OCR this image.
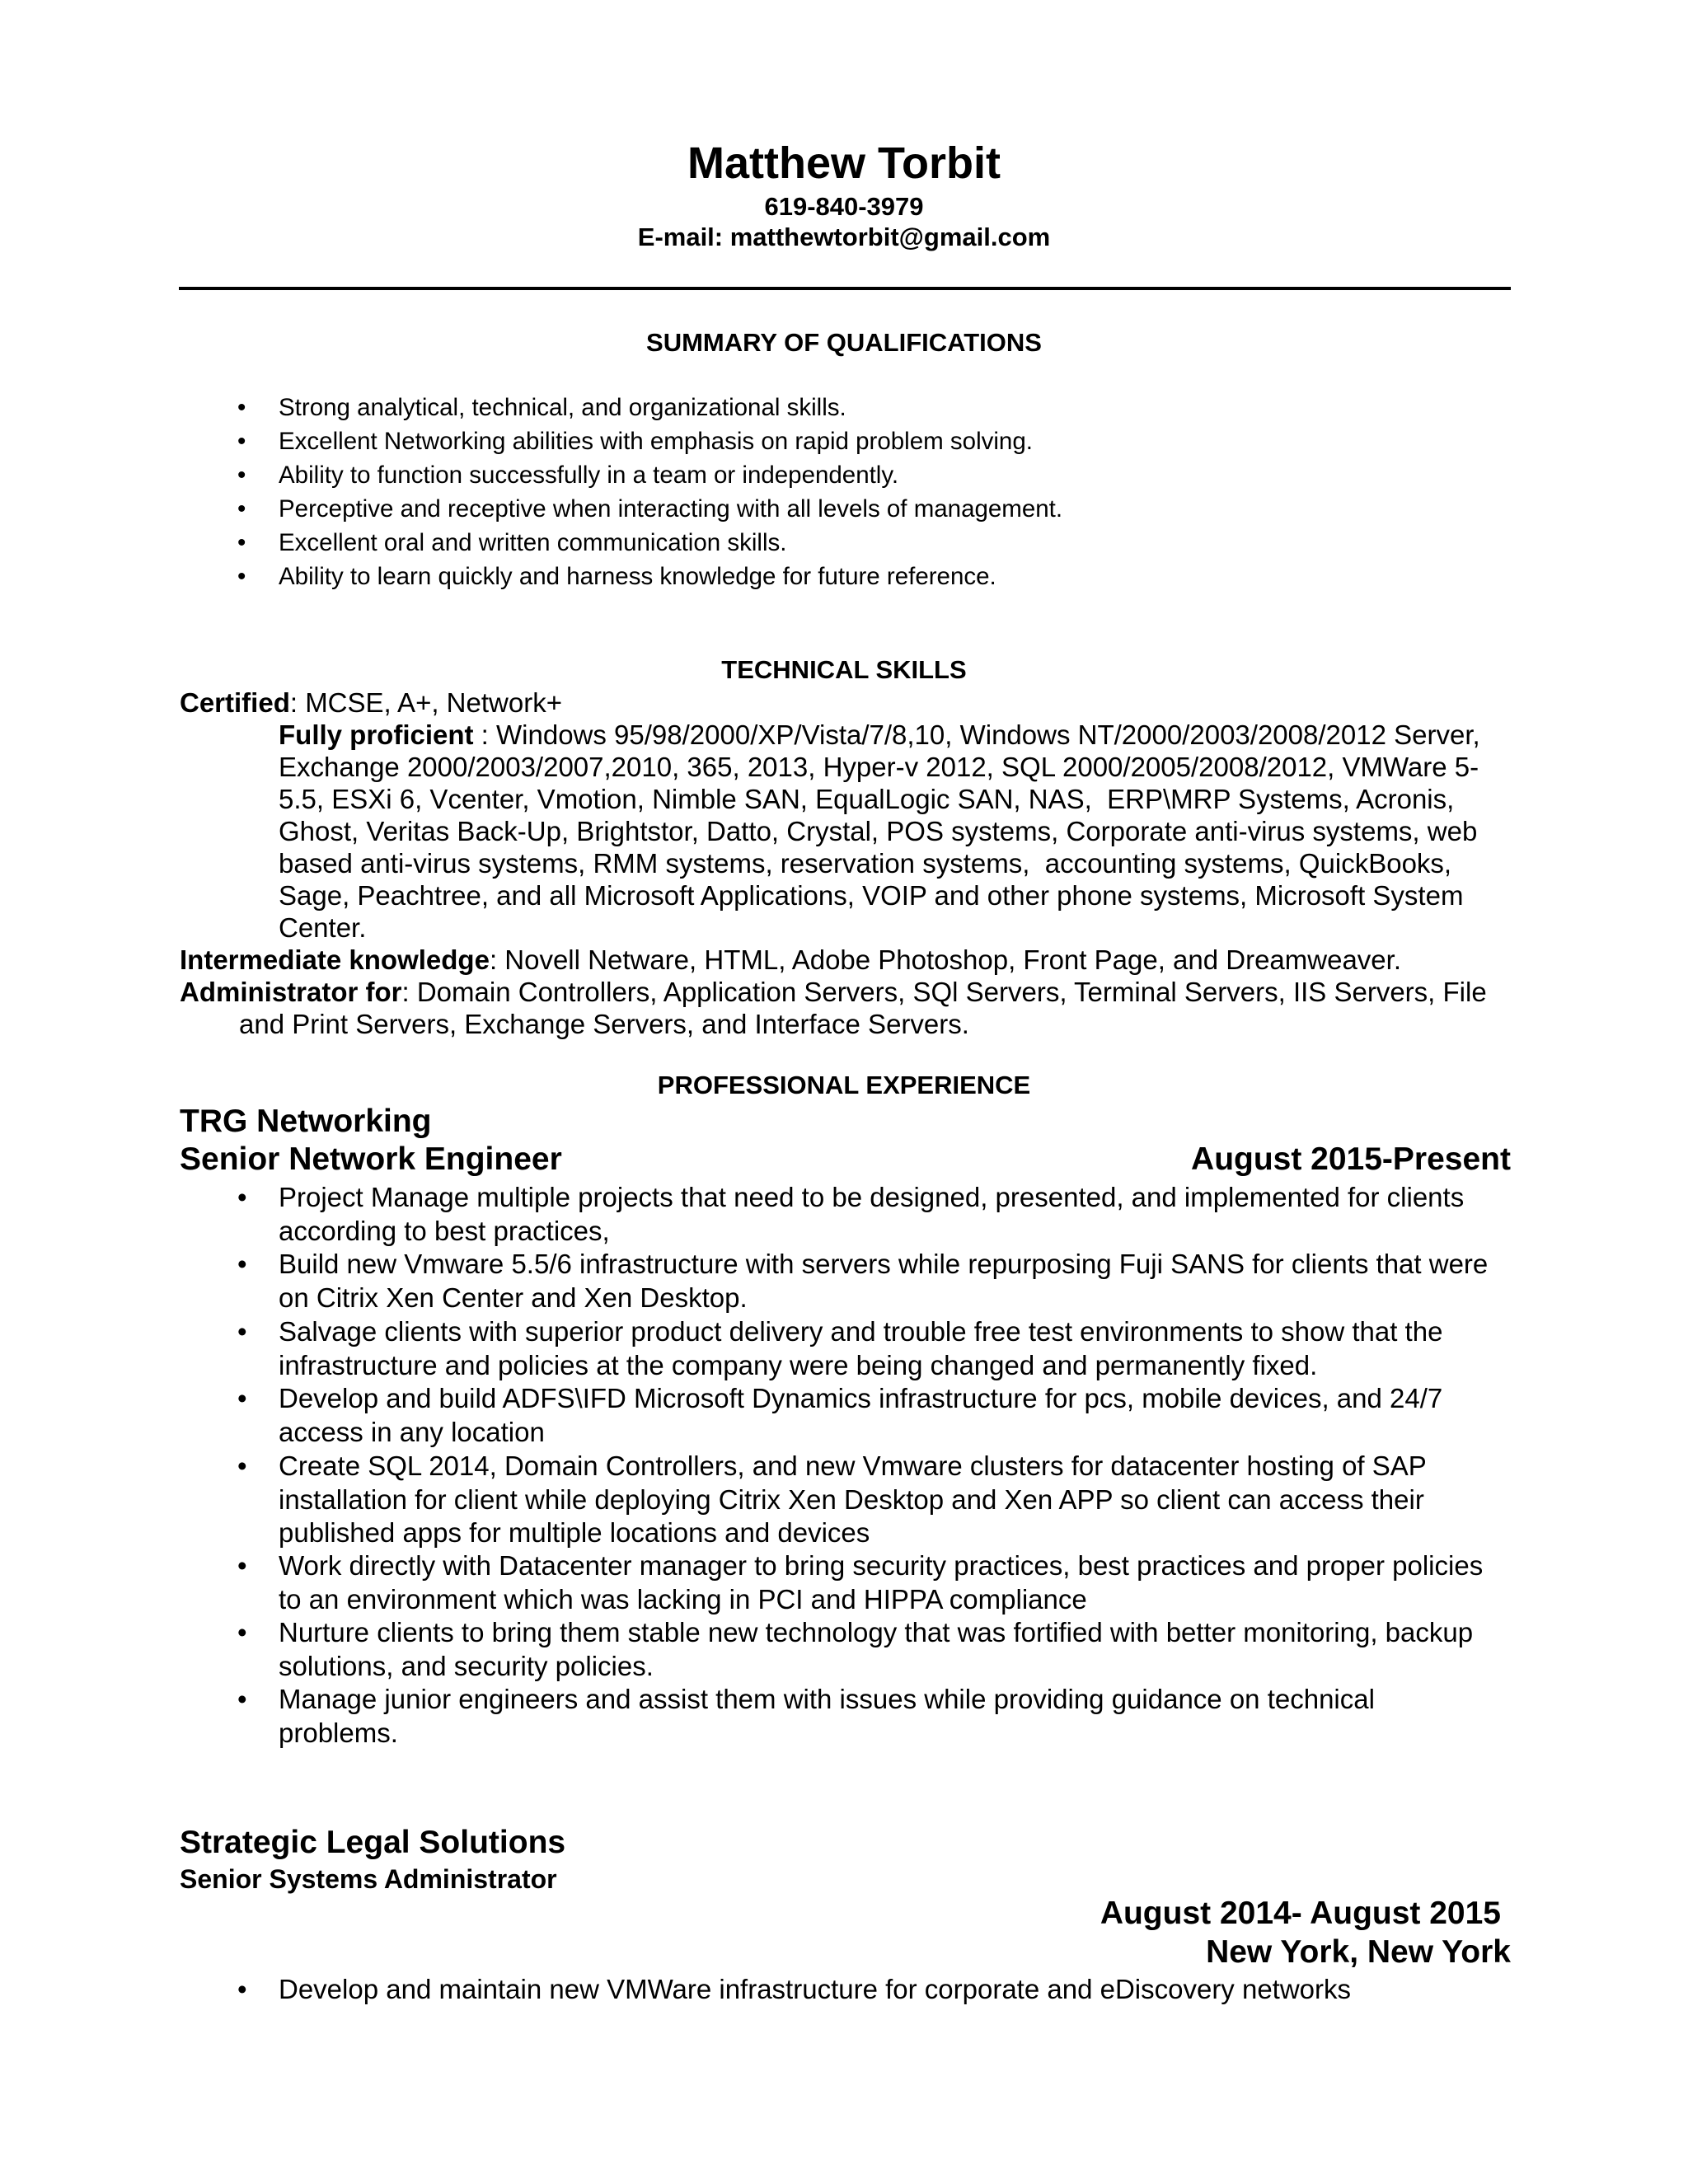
Matthew Torbit
619-840-3979
E-mail: matthewtorbit@gmail.com
SUMMARY OF QUALIFICATIONS
• Strong analytical, technical, and organizational skills.
• Excellent Networking abilities with emphasis on rapid problem solving.
• Ability to function successfully in a team or independently.
• Perceptive and receptive when interacting with all levels of management.
• Excellent oral and written communication skills.
• Ability to learn quickly and harness knowledge for future reference.
TECHNICAL SKILLS
Certified: MCSE, A+, Network+
Fully proficient : Windows 95/98/2000/XP/Vista/7/8,10, Windows NT/2000/2003/2008/2012 Server,
Exchange 2000/2003/2007,2010, 365, 2013, Hyper-v 2012, SQL 2000/2005/2008/2012, VMWare 5-
5.5, ESXi 6, Vcenter, Vmotion, Nimble SAN, EqualLogic SAN, NAS,  ERP\MRP Systems, Acronis,
Ghost, Veritas Back-Up, Brightstor, Datto, Crystal, POS systems, Corporate anti-virus systems, web
based anti-virus systems, RMM systems, reservation systems,  accounting systems, QuickBooks,
Sage, Peachtree, and all Microsoft Applications, VOIP and other phone systems, Microsoft System
Center.
Intermediate knowledge: Novell Netware, HTML, Adobe Photoshop, Front Page, and Dreamweaver.
Administrator for: Domain Controllers, Application Servers, SQl Servers, Terminal Servers, IIS Servers, File
and Print Servers, Exchange Servers, and Interface Servers.
PROFESSIONAL EXPERIENCE
TRG Networking
Senior Network Engineer	August 2015-Present
• Project Manage multiple projects that need to be designed, presented, and implemented for clients
according to best practices,
• Build new Vmware 5.5/6 infrastructure with servers while repurposing Fuji SANS for clients that were
on Citrix Xen Center and Xen Desktop.
• Salvage clients with superior product delivery and trouble free test environments to show that the
infrastructure and policies at the company were being changed and permanently fixed.
• Develop and build ADFS\IFD Microsoft Dynamics infrastructure for pcs, mobile devices, and 24/7
access in any location
• Create SQL 2014, Domain Controllers, and new Vmware clusters for datacenter hosting of SAP
installation for client while deploying Citrix Xen Desktop and Xen APP so client can access their
published apps for multiple locations and devices
• Work directly with Datacenter manager to bring security practices, best practices and proper policies
to an environment which was lacking in PCI and HIPPA compliance
• Nurture clients to bring them stable new technology that was fortified with better monitoring, backup
solutions, and security policies.
• Manage junior engineers and assist them with issues while providing guidance on technical
problems.
Strategic Legal Solutions
Senior Systems Administrator
August 2014- August 2015
New York, New York
• Develop and maintain new VMWare infrastructure for corporate and eDiscovery networks
